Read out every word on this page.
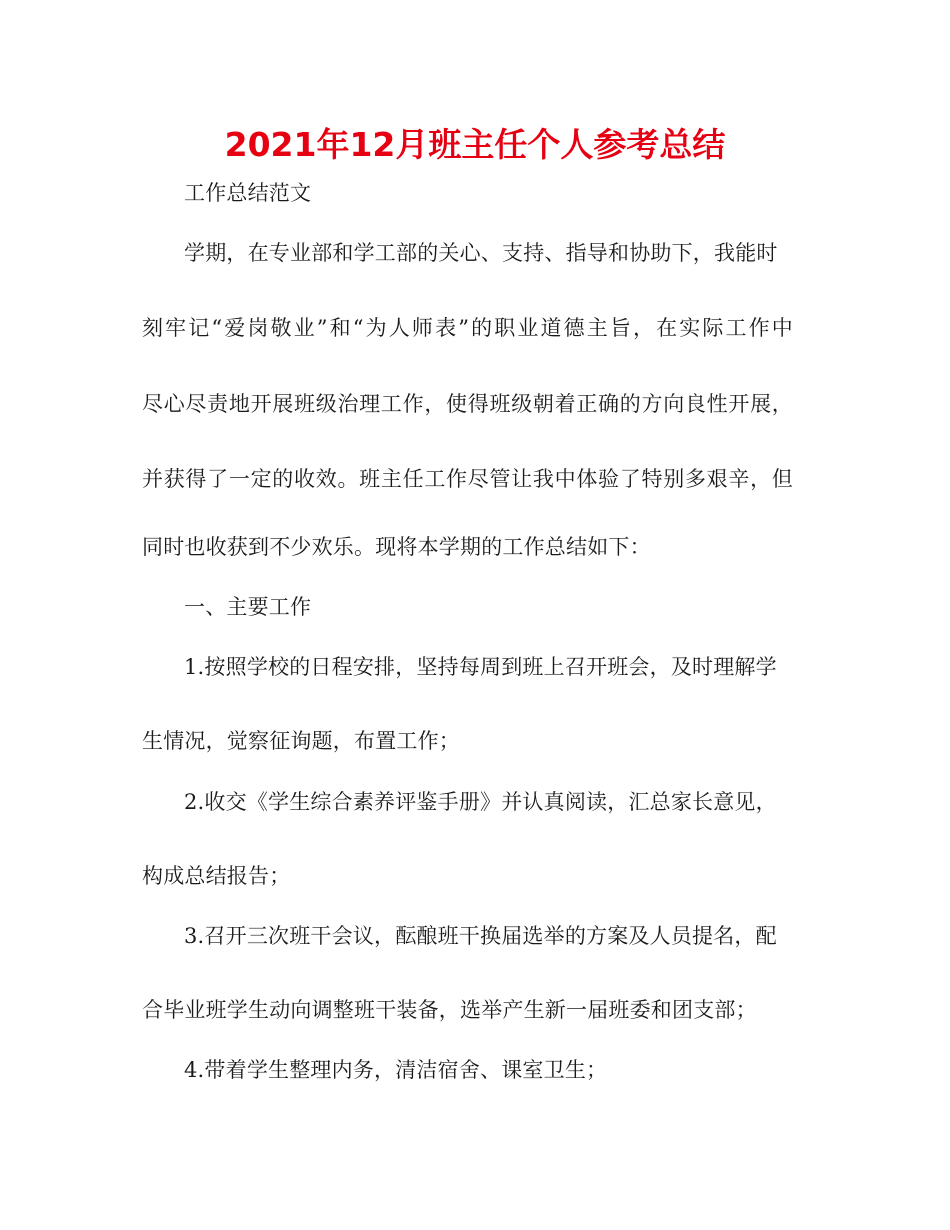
2021年12月班主任个人参考总结
工作总结范文
学期，在专业部和学工部的关心、支持、指导和协助下，我能时
刻牢记“爱岗敬业”和“为人师表”的职业道德主旨，在实际工作中
尽心尽责地开展班级治理工作，使得班级朝着正确的方向良性开展，
并获得了一定的收效。班主任工作尽管让我中体验了特别多艰辛，但
同时也收获到不少欢乐。现将本学期的工作总结如下：
一、主要工作
1.按照学校的日程安排，坚持每周到班上召开班会，及时理解学
生情况，觉察征询题，布置工作；
2.收交《学生综合素养评鉴手册》并认真阅读，汇总家长意见，
构成总结报告；
3.召开三次班干会议，酝酿班干换届选举的方案及人员提名，配
合毕业班学生动向调整班干装备，选举产生新一届班委和团支部；
4.带着学生整理内务，清洁宿舍、课室卫生；
